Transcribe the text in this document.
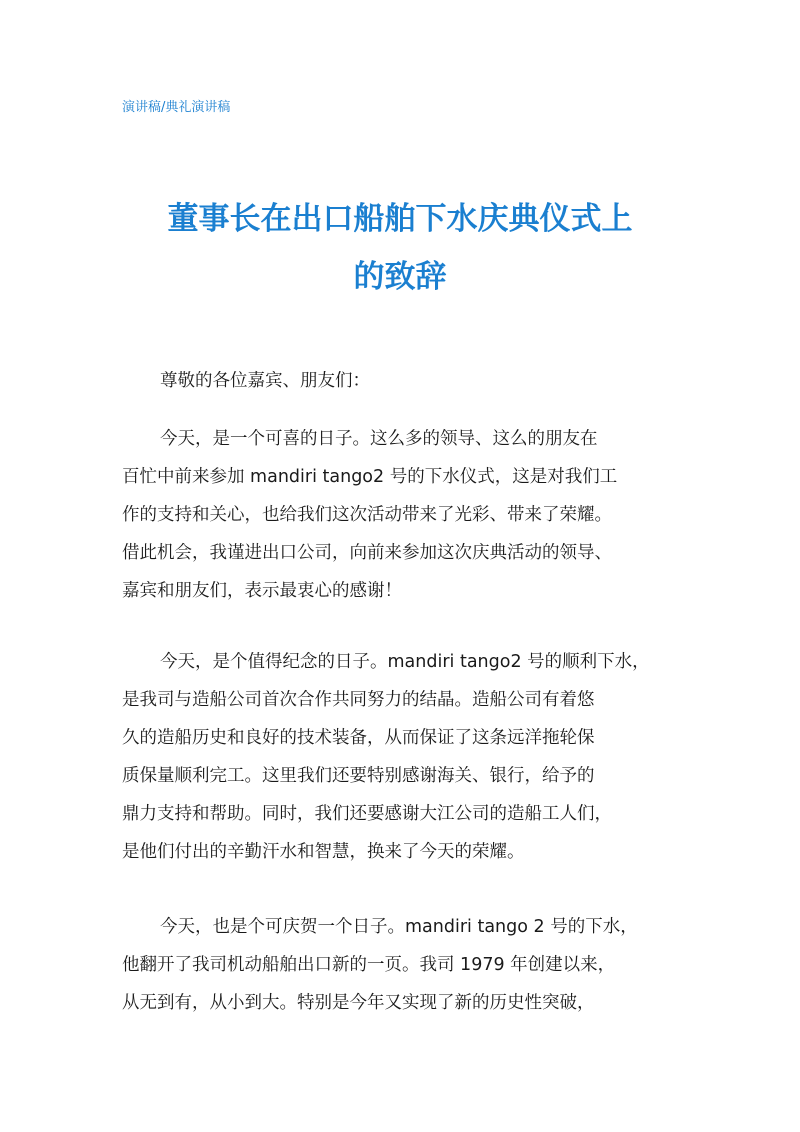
演讲稿/典礼演讲稿
董事长在出口船舶下水庆典仪式上
的致辞
尊敬的各位嘉宾、朋友们：
今天，是一个可喜的日子。这么多的领导、这么的朋友在
百忙中前来参加 mandiri tango2 号的下水仪式，这是对我们工
作的支持和关心，也给我们这次活动带来了光彩、带来了荣耀。
借此机会，我谨进出口公司，向前来参加这次庆典活动的领导、
嘉宾和朋友们，表示最衷心的感谢！
今天，是个值得纪念的日子。mandiri tango2 号的顺利下水，
是我司与造船公司首次合作共同努力的结晶。造船公司有着悠
久的造船历史和良好的技术装备，从而保证了这条远洋拖轮保
质保量顺利完工。这里我们还要特别感谢海关、银行，给予的
鼎力支持和帮助。同时，我们还要感谢大江公司的造船工人们，
是他们付出的辛勤汗水和智慧，换来了今天的荣耀。
今天，也是个可庆贺一个日子。mandiri tango 2 号的下水，
他翻开了我司机动船舶出口新的一页。我司 1979 年创建以来，
从无到有，从小到大。特别是今年又实现了新的历史性突破，
